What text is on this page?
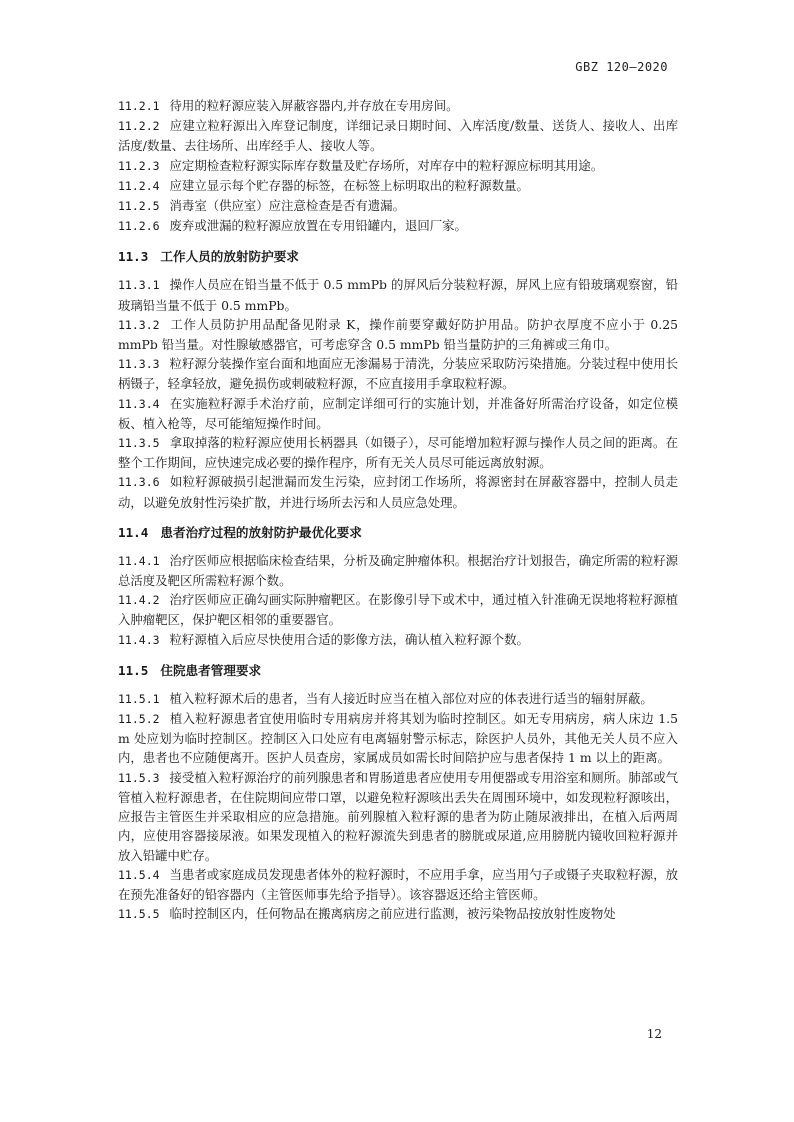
GBZ 120—2020
11.2.1 待用的粒籽源应装入屏蔽容器内,并存放在专用房间。
11.2.2 应建立粒籽源出入库登记制度，详细记录日期时间、入库活度/数量、送货人、接收人、出库活度/数量、去往场所、出库经手人、接收人等。
11.2.3 应定期检查粒籽源实际库存数量及贮存场所，对库存中的粒籽源应标明其用途。
11.2.4 应建立显示每个贮存器的标签，在标签上标明取出的粒籽源数量。
11.2.5 消毒室（供应室）应注意检查是否有遗漏。
11.2.6 废弃或泄漏的粒籽源应放置在专用铅罐内，退回厂家。
11.3 工作人员的放射防护要求
11.3.1 操作人员应在铅当量不低于 0.5 mmPb 的屏风后分装粒籽源，屏风上应有铅玻璃观察窗，铅玻璃铅当量不低于 0.5 mmPb。
11.3.2 工作人员防护用品配备见附录 K，操作前要穿戴好防护用品。防护衣厚度不应小于 0.25 mmPb 铅当量。对性腺敏感器官，可考虑穿含 0.5 mmPb 铅当量防护的三角裤或三角巾。
11.3.3 粒籽源分装操作室台面和地面应无渗漏易于清洗，分装应采取防污染措施。分装过程中使用长柄镊子，轻拿轻放，避免损伤或刺破粒籽源，不应直接用手拿取粒籽源。
11.3.4 在实施粒籽源手术治疗前，应制定详细可行的实施计划，并准备好所需治疗设备，如定位模板、植入枪等，尽可能缩短操作时间。
11.3.5 拿取掉落的粒籽源应使用长柄器具（如镊子），尽可能增加粒籽源与操作人员之间的距离。在整个工作期间，应快速完成必要的操作程序，所有无关人员尽可能远离放射源。
11.3.6 如粒籽源破损引起泄漏而发生污染，应封闭工作场所，将源密封在屏蔽容器中，控制人员走动，以避免放射性污染扩散，并进行场所去污和人员应急处理。
11.4 患者治疗过程的放射防护最优化要求
11.4.1 治疗医师应根据临床检查结果，分析及确定肿瘤体积。根据治疗计划报告，确定所需的粒籽源总活度及靶区所需粒籽源个数。
11.4.2 治疗医师应正确勾画实际肿瘤靶区。在影像引导下或术中，通过植入针准确无误地将粒籽源植入肿瘤靶区，保护靶区相邻的重要器官。
11.4.3 粒籽源植入后应尽快使用合适的影像方法，确认植入粒籽源个数。
11.5 住院患者管理要求
11.5.1 植入粒籽源术后的患者，当有人接近时应当在植入部位对应的体表进行适当的辐射屏蔽。
11.5.2 植入粒籽源患者宜使用临时专用病房并将其划为临时控制区。如无专用病房，病人床边 1.5 m 处应划为临时控制区。控制区入口处应有电离辐射警示标志，除医护人员外，其他无关人员不应入内，患者也不应随便离开。医护人员查房，家属成员如需长时间陪护应与患者保持 1 m 以上的距离。
11.5.3 接受植入粒籽源治疗的前列腺患者和胃肠道患者应使用专用便器或专用浴室和厕所。肺部或气管植入粒籽源患者，在住院期间应带口罩，以避免粒籽源咳出丢失在周围环境中，如发现粒籽源咳出，应报告主管医生并采取相应的应急措施。前列腺植入粒籽源的患者为防止随尿液排出，在植入后两周内，应使用容器接尿液。如果发现植入的粒籽源流失到患者的膀胱或尿道,应用膀胱内镜收回粒籽源并放入铅罐中贮存。
11.5.4 当患者或家庭成员发现患者体外的粒籽源时，不应用手拿，应当用勺子或镊子夹取粒籽源，放在预先准备好的铅容器内（主管医师事先给予指导）。该容器返还给主管医师。
11.5.5 临时控制区内，任何物品在搬离病房之前应进行监测，被污染物品按放射性废物处
12
